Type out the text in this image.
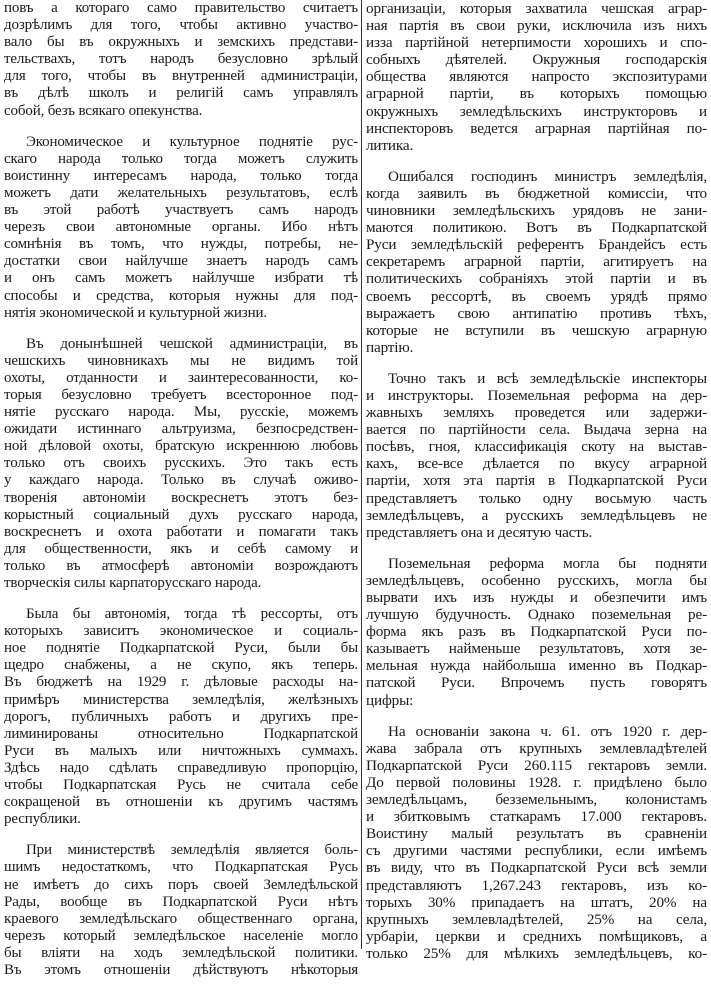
повъ а котораго само правительство считаетъ
дозрѣлимъ для того, чтобы активно участво-
вало бы въ окружныхъ и земскихъ представи-
тельствахъ, тотъ народъ безусловно зрѣлый
для того, чтобы въ внутренней администраціи,
въ дѣлѣ школъ и религій самъ управлялъ
собой, безъ всякаго опекунства.
Экономическое и культурное поднятіе рус-
скаго народа только тогда можетъ служить
воистинну интересамъ народа, только тогда
можетъ дати желательныхъ результатовъ, еслѣ
въ этой работѣ участвуетъ самъ народъ
черезъ свои автономные органы. Ибо нѣтъ
сомнѣнія въ томъ, что нужды, потребы, не-
достатки свои найлучше знаетъ народъ самъ
и онъ самъ можетъ найлучше избрати тѣ
способы и средства, которыя нужны для под-
нятія экономической и культурной жизни.
Въ донынѣшней чешской администраціи, въ
чешскихъ чиновникахъ мы не видимъ той
охоты, отданности и заинтересованности, ко-
торыя безусловно требуетъ всесторонное под-
нятіе русскаго народа. Мы, русскіе, можемъ
ожидати истиннаго альтруизма, безпосредствен-
ной дѣловой охоты, братскую искреннюю любовь
только отъ своихъ русскихъ. Это такъ есть
у каждаго народа. Только въ случаѣ оживо-
творенія автономіи воскреснетъ этотъ без-
корыстный социальный духъ русскаго народа,
воскреснетъ и охота работати и помагати такъ
для общественности, якъ и себѣ самому и
только въ атмосферѣ автономіи возрождаютъ
творческія силы карпаторусскаго народа.
Была бы автономія, тогда тѣ рессорты, отъ
которыхъ зависитъ экономическое и социаль-
ное поднятіе Подкарпатской Руси, были бы
щедро снабжены, а не скупо, якъ теперь.
Въ бюджетѣ на 1929 г. дѣловые расходы на-
примѣръ министерства земледѣлія, желѣзныхъ
дорогъ, публичныхъ работъ и другихъ пре-
лиминированы относительно Подкарпатской
Руси въ малыхъ или ничтожныхъ суммахъ.
Здѣсь надо сдѣлать справедливую пропорцію,
чтобы Подкарпатская Русь не считала себе
сокращеной въ отношеніи къ другимъ частямъ
республики.
При министерствѣ земледѣлія является боль-
шимъ недостаткомъ, что Подкарпатская Русь
не имѣетъ до сихъ поръ своей Земледѣльской
Рады, вообще въ Подкарпатской Руси нѣтъ
краевого земледѣльскаго общественнаго органа,
черезъ который земледѣльское населеніе могло
бы вліяти на ходъ земледѣльской политики.
Въ этомъ отношеніи дѣйствуютъ нѣкоторыя
организаціи, которыя захватила чешская аграр-
ная партія въ свои руки, исключила изъ нихъ
изза партійной нетерпимости хорошихъ и спо-
собныхъ дѣятелей. Окружныя господарскія
общества являются напросто экспозитурами
аграрной партіи, въ которыхъ помощью
окружныхъ земледѣльскихъ инструкторовъ и
инспекторовъ ведется аграрная партійная по-
литика.
Ошибался господинъ министръ земледѣлія,
когда заявилъ въ бюджетной комиссіи, что
чиновники земледѣльскихъ урядовъ не зани-
маются политикою. Вотъ въ Подкарпатской
Руси земледѣльскій референтъ Брандейсъ есть
секретаремъ аграрной партіи, агитируетъ на
политическихъ собраніяхъ этой партіи и въ
своемъ рессортѣ, въ своемъ урядѣ прямо
выражаетъ свою антипатію противъ тѣхъ,
которые не вступили въ чешскую аграрную
партію.
Точно такъ и всѣ земледѣльскіе инспекторы
и инструкторы. Поземельная реформа на дер-
жавныхъ земляхъ проведется или задержи-
вается по партійности села. Выдача зерна на
посѣвъ, гноя, классификація скоту на выстав-
кахъ, все-все дѣлается по вкусу аграрной
партіи, хотя эта партія в Подкарпатской Руси
представляетъ только одну восьмую часть
земледѣльцевъ, а русскихъ земледѣльцевъ не
представляетъ она и десятую часть.
Поземельная реформа могла бы подняти
земледѣльцевъ, особенно русскихъ, могла бы
вырвати ихъ изъ нужды и обезпечити имъ
лучшую будучность. Однако поземельная ре-
форма якъ разъ въ Подкарпатской Руси по-
казываетъ найменьше результатовъ, хотя зе-
мельная нужда найболыша именно въ Подкар-
патской Руси. Впрочемъ пусть говорятъ
цифры:
На основаніи закона ч. 61. отъ 1920 г. дер-
жава забрала отъ крупныхъ землевладѣтелей
Подкарпатской Руси 260.115 гектаровъ земли.
До первой половины 1928. г. придѣлено было
земледѣльцамъ, безземельнымъ, колонистамъ
и збитковымъ статкарамъ 17.000 гектаровъ.
Воистину малый результатъ въ сравненіи
съ другими частями республики, если имѣемъ
въ виду, что въ Подкарпатской Руси всѣ земли
представляютъ 1,267.243 гектаровъ, изъ ко-
торыхъ 30% припадаетъ на штатъ, 20% на
крупныхъ землевладѣтелей, 25% на села,
урбаріи, церкви и среднихъ помѣщиковъ, а
только 25% для мѣлкихъ земледѣльцевъ, ко-
